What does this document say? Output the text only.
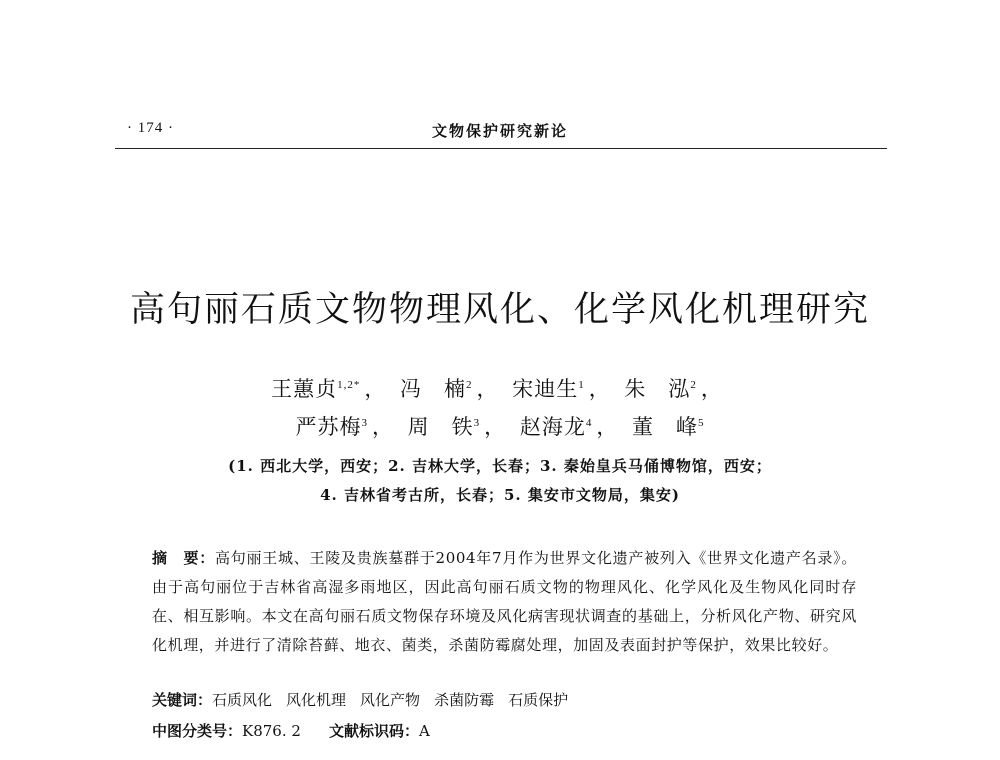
· 174 ·	文物保护研究新论
高句丽石质文物物理风化、化学风化机理研究
王蕙贞$^{1,2*}$ ， 冯　楠$^2$ ， 宋迪生$^1$ ， 朱　泓$^2$ ，
严苏梅$^3$ ， 周　铁$^3$ ， 赵海龙$^4$ ， 董　峰$^5$
(1. 西北大学，西安；2. 吉林大学，长春；3. 秦始皇兵马俑博物馆，西安；
4. 吉林省考古所，长春；5. 集安市文物局，集安)
摘　要：高句丽王城、王陵及贵族墓群于2004年7月作为世界文化遗产被列入《世界文化遗产名录》。由于高句丽位于吉林省高湿多雨地区，因此高句丽石质文物的物理风化、化学风化及生物风化同时存在、相互影响。本文在高句丽石质文物保存环境及风化病害现状调查的基础上，分析风化产物、研究风化机理，并进行了清除苔藓、地衣、菌类，杀菌防霉腐处理，加固及表面封护等保护，效果比较好。
关键词：石质风化 风化机理 风化产物 杀菌防霉 石质保护
中图分类号：K876. 2 文献标识码：A
